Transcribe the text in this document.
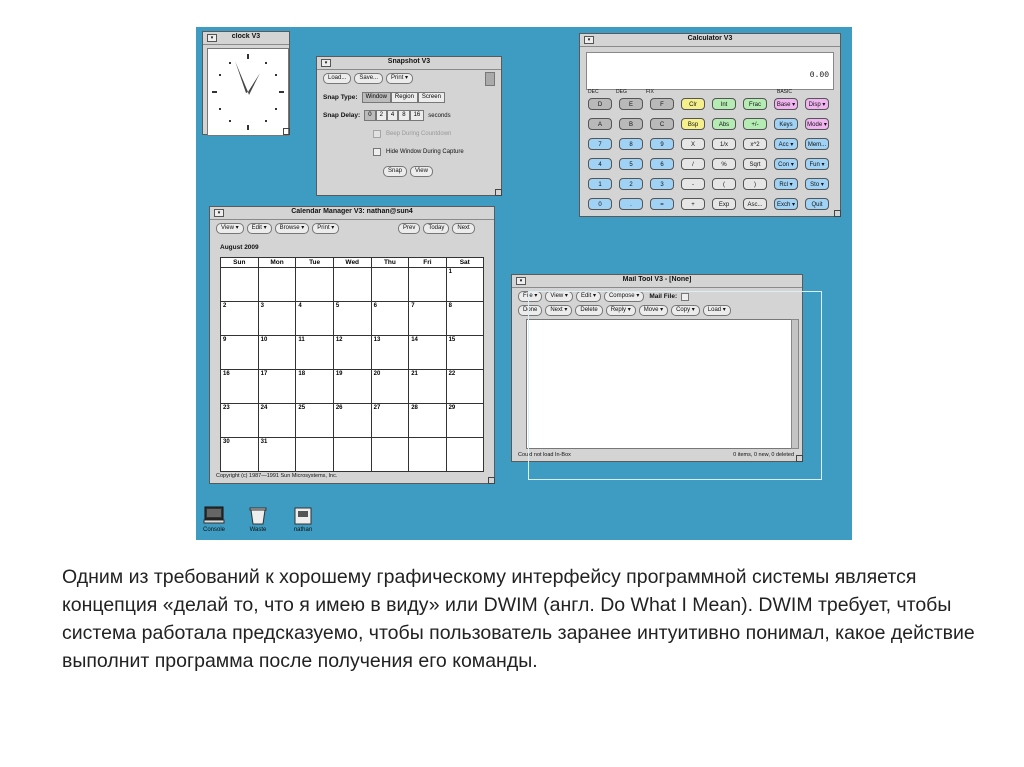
▾	clock V3
▾	Snapshot V3
Load...	Save...	Print ▾
Snap Type:	Window	Region	Screen
Snap Delay:	0	2	4	8	16	seconds
Beep During Countdown
Hide Window During Capture
Snap	View
▾	Calculator V3
0.00
DEC	DEG	FIX	BASIC
D	E	F	Clr	Int	Frac	Base ▾	Disp ▾
A	B	C	Bsp	Abs	+/-	Keys	Mode ▾
7	8	9	X	1/x	x^2	Acc ▾	Mem...
4	5	6	/	%	Sqrt	Con ▾	Fun ▾
1	2	3	-	(	)	Rcl ▾	Sto ▾
0	.	=	+	Exp	Asc...	Exch ▾	Quit
▾	Calendar Manager V3: nathan@sun4
View ▾	Edit ▾	Browse ▾	Print ▾	Prev	Today	Next
August 2009
Sun	Mon	Tue	Wed	Thu	Fri	Sat
						1
2	3	4	5	6	7	8
9	10	11	12	13	14	15
16	17	18	19	20	21	22
23	24	25	26	27	28	29
30	31					
Copyright (c) 1987—1991 Sun Microsystems, Inc.
▾	Mail Tool V3 - [None]
File ▾	View ▾	Edit ▾	Compose ▾	Mail File:
Done	Next ▾	Delete	Reply ▾	Move ▾	Copy ▾	Load ▾
Could not load In-Box	0 items, 0 new, 0 deleted
Console	Waste	nathan
Одним из требований к хорошему графическому интерфейсу программной системы является концепция «делай то, что я имею в виду» или DWIM (англ. Do What I Mean). DWIM требует, чтобы система работала предсказуемо, чтобы пользователь заранее интуитивно понимал, какое действие выполнит программа после получения его команды.
